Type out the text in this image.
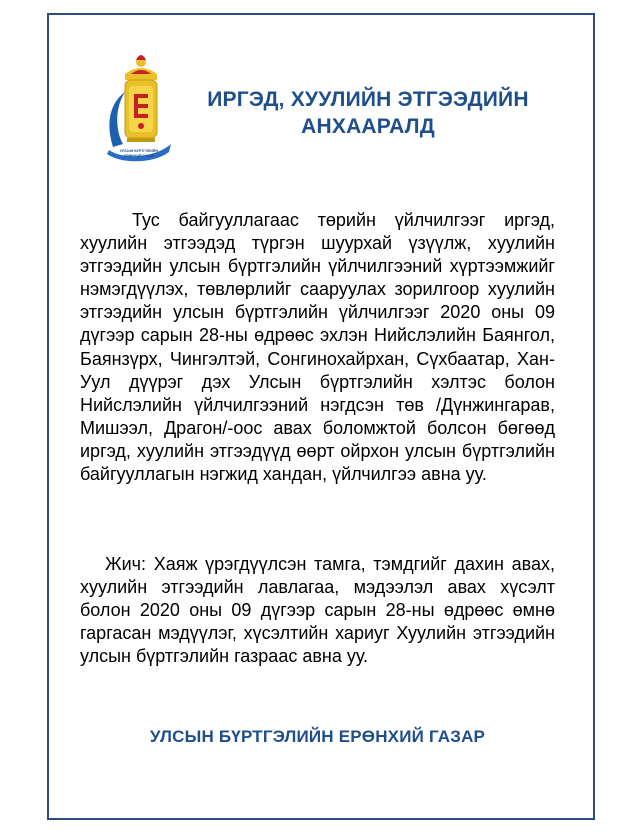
УЛСЫН БҮРТГЭЛИЙН
ЕРӨНХИЙ ГАЗАР
ИРГЭД, ХУУЛИЙН ЭТГЭЭДИЙН
АНХААРАЛД

Тус байгууллагаас төрийн үйлчилгээг иргэд, хуулийн этгээдэд түргэн шуурхай үзүүлж, хуулийн этгээдийн улсын бүртгэлийн үйлчилгээний хүртээмжийг нэмэгдүүлэх, төвлөрлийг сааруулах зорилгоор хуулийн этгээдийн улсын бүртгэлийн үйлчилгээг 2020 оны 09 дүгээр сарын 28-ны өдрөөс эхлэн Нийслэлийн Баянгол, Баянзүрх, Чингэлтэй, Сонгинохайрхан, Сүхбаатар, Хан-Уул дүүрэг дэх Улсын бүртгэлийн хэлтэс болон Нийслэлийн үйлчилгээний нэгдсэн төв /Дүнжингарав, Мишээл, Драгон/-оос авах боломжтой болсон бөгөөд иргэд, хуулийн этгээдүүд өөрт ойрхон улсын бүртгэлийн байгууллагын нэгжид хандан, үйлчилгээ авна уу.

Жич: Хаяж үрэгдүүлсэн тамга, тэмдгийг дахин авах, хуулийн этгээдийн лавлагаа, мэдээлэл авах хүсэлт болон 2020 оны 09 дүгээр сарын 28-ны өдрөөс өмнө гаргасан мэдүүлэг, хүсэлтийн хариуг Хуулийн этгээдийн улсын бүртгэлийн газраас авна уу.

УЛСЫН БҮРТГЭЛИЙН ЕРӨНХИЙ ГАЗАР
